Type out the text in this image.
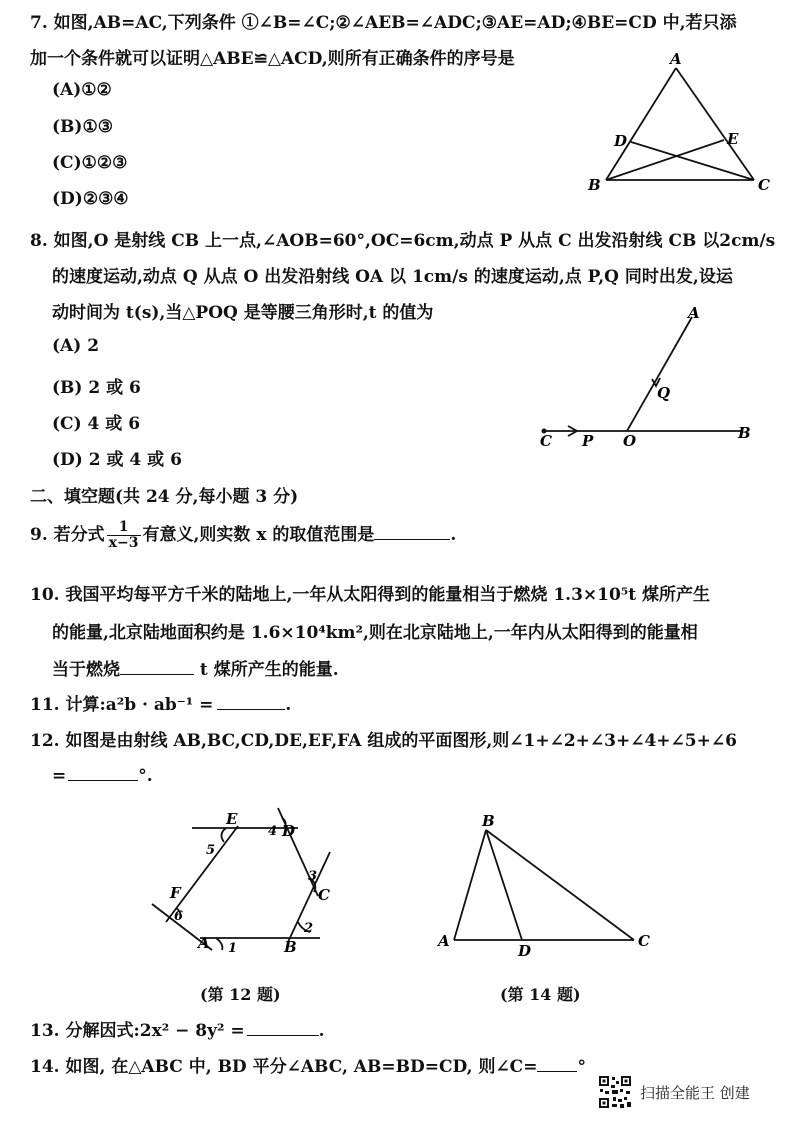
7. 如图,AB=AC,下列条件 ①∠B=∠C;②∠AEB=∠ADC;③AE=AD;④BE=CD 中,若只添
加一个条件就可以证明△ABE≌△ACD,则所有正确条件的序号是
(A)①②
(B)①③
(C)①②③
(D)②③④
A
B	C
D	E
8. 如图,O 是射线 CB 上一点,∠AOB=60°,OC=6cm,动点 P 从点 C 出发沿射线 CB 以2cm/s
的速度运动,动点 Q 从点 O 出发沿射线 OA 以 1cm/s 的速度运动,点 P,Q 同时出发,设运
动时间为 t(s),当△POQ 是等腰三角形时,t 的值为
(A) 2
(B) 2 或 6
(C) 4 或 6
(D) 2 或 4 或 6
C P O	B
A
Q
二、填空题(共 24 分,每小题 3 分)
9. 若分式 $\frac{1}{x-3}$ 有意义,则实数 x 的取值范围是	.
10. 我国平均每平方千米的陆地上,一年从太阳得到的能量相当于燃烧 1.3×10⁵t 煤所产生
的能量,北京陆地面积约是 1.6×10⁴km²,则在北京陆地上,一年内从太阳得到的能量相
当于燃烧	t 煤所产生的能量.
11. 计算:a²b · ab⁻¹ =	.
12. 如图是由射线 AB,BC,CD,DE,EF,FA 组成的平面图形,则∠1+∠2+∠3+∠4+∠5+∠6
=	°.
E
D
C
B
A
F
1
2
3
4
5
6
(第 12 题)
B
A
D
C
(第 14 题)
13. 分解因式:2x² − 8y² =	.
14. 如图, 在△ABC 中, BD 平分∠ABC, AB=BD=CD, 则∠C= °
扫描全能王 创建
